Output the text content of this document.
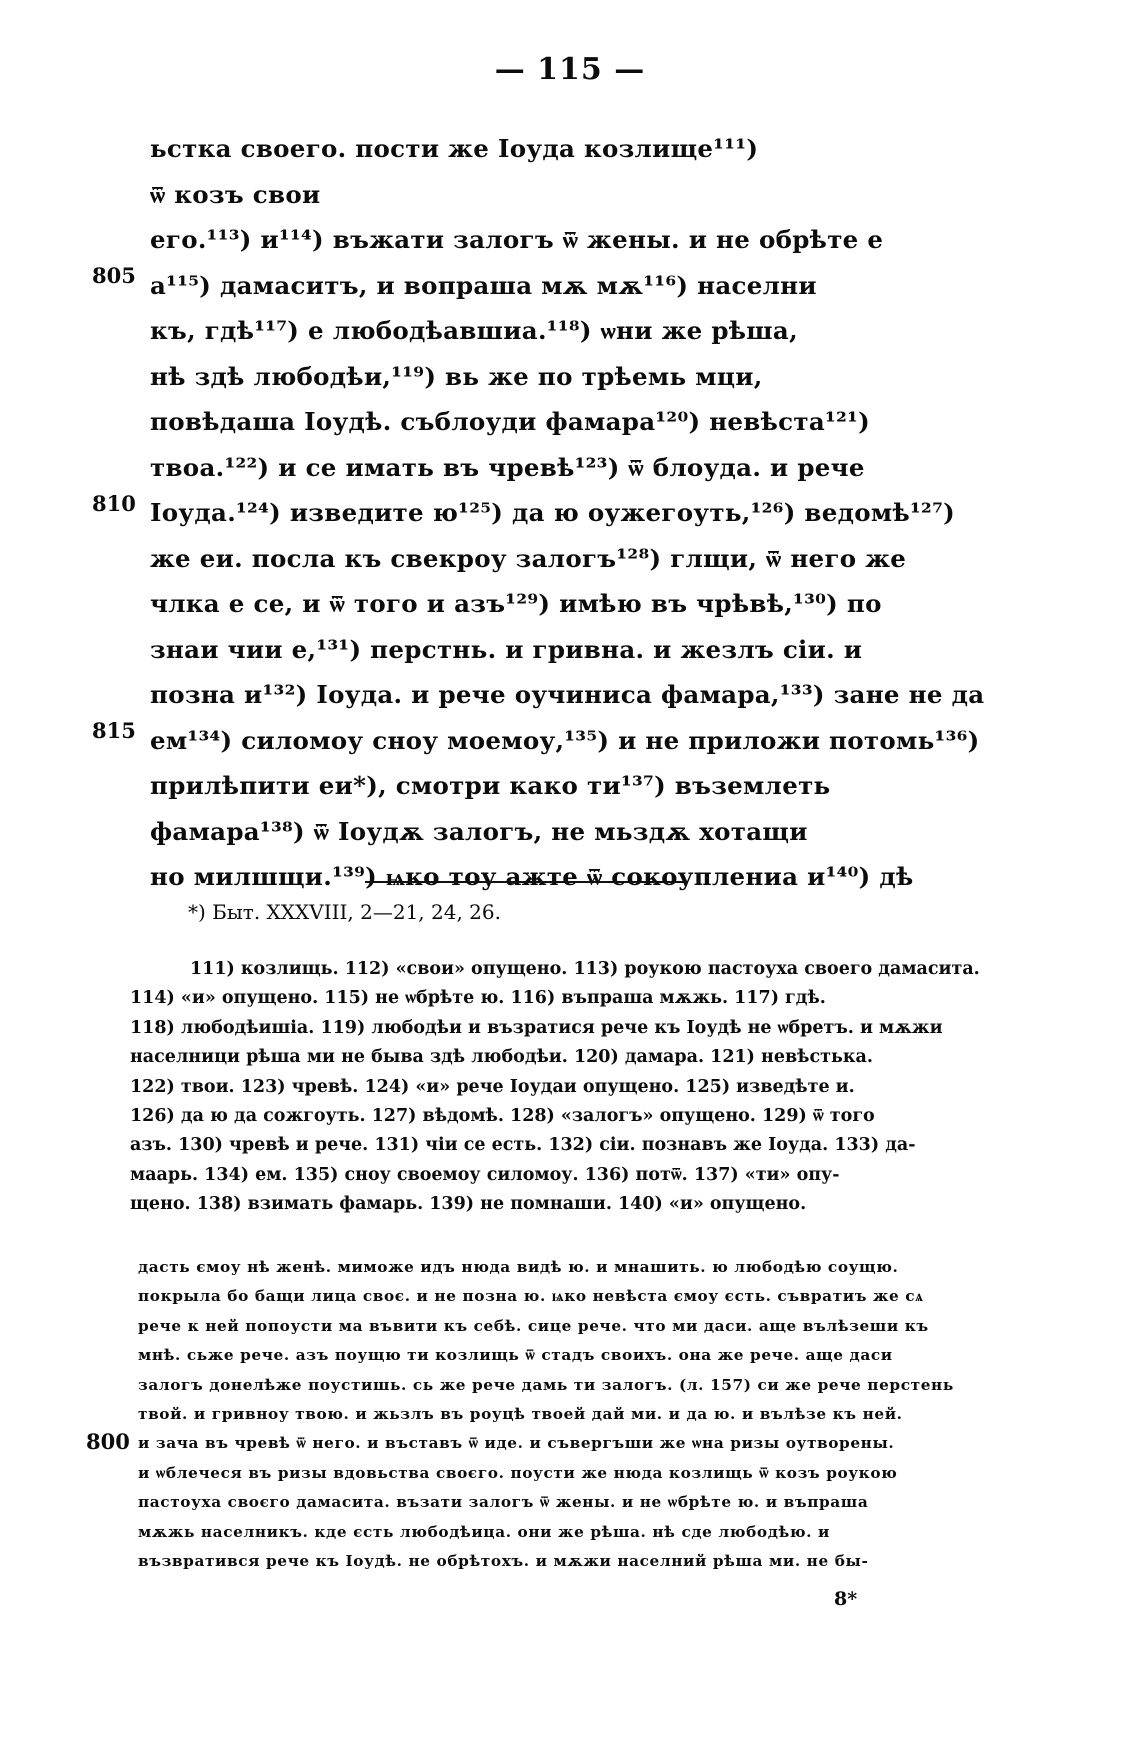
— 115 —
ьстка своего. пости же Іоуда козлище¹¹¹)
ѿ козъ свои
его.¹¹³) и¹¹⁴) въжати залогъ ѿ жены. и не обрѣте е
а¹¹⁵) дамаситъ, и вопраша мѫ мѫ¹¹⁶) населни
къ, гдѣ¹¹⁷) е любодѣавшиа.¹¹⁸) ѡни же рѣша,
нѣ здѣ любодѣи,¹¹⁹) вь же по трѣемь мци,
повѣдаша Іоудѣ. съблоуди фамара¹²⁰) невѣста¹²¹)
твоа.¹²²) и се имать въ чревѣ¹²³) ѿ блоуда. и рече
Іоуда.¹²⁴) изведите ю¹²⁵) да ю оужегоуть,¹²⁶) ведомѣ¹²⁷)
же еи. посла къ свекроу залогъ¹²⁸) глщи, ѿ него же
члка е се, и ѿ того и азъ¹²⁹) имѣю въ чрѣвѣ,¹³⁰) по
знаи чии е,¹³¹) перстнь. и гривна. и жезлъ сіи. и
позна и¹³²) Іоуда. и рече оучиниса фамара,¹³³) зане не да
ем¹³⁴) силомоу сноу моемоу,¹³⁵) и не приложи потомь¹³⁶)
прилѣпити еи*), смотри како ти¹³⁷) въземлеть
фамара¹³⁸) ѿ Іоудѫ залогъ, не мьздѫ хотащи
но милшщи.¹³⁹) ѩко тоу ажте ѿ сокоуплениа и¹⁴⁰) дѣ
805
810
815
*) Быт. XXXVIII, 2—21, 24, 26.
111) козлищь. 112) «свои» опущено. 113) роукою пастоуха своего дамасита.
114) «и» опущено. 115) не ѡбрѣте ю. 116) въпраша мѫжь. 117) гдѣ.
118) любодѣишіа. 119) любодѣи и възратися рече къ Іоудѣ не ѡбретъ. и мѫжи
населници рѣша ми не быва здѣ любодѣи. 120) дамара. 121) невѣстька.
122) твои. 123) чревѣ. 124) «и» рече Іоудаи опущено. 125) изведѣте и.
126) да ю да сожгоуть. 127) вѣдомѣ. 128) «залогъ» опущено. 129) ѿ того
азъ. 130) чревѣ и рече. 131) чіи се есть. 132) сіи. познавъ же Іоуда. 133) да-
маарь. 134) ем. 135) сноу своемоу силомоу. 136) потѿ. 137) «ти» опу-
щено. 138) взимать фамарь. 139) не помнаши. 140) «и» опущено.
дасть ємоу нѣ женѣ. миможе идъ нюда видѣ ю. и мнашить. ю любодѣю соущю.
покрыла бо бащи лица своє. и не позна ю. ѩко невѣста ємоу єсть. съвратиъ же сѧ
рече к ней попоусти ма въвити къ себѣ. сице рече. что ми даси. аще вълѣзеши къ
мнѣ. сьже рече. азъ поущю ти козлищь ѿ стадъ своихъ. она же рече. аще даси
залогъ донелѣже поустишь. сь же рече дамь ти залогъ. (л. 157) си же рече перстень
твой. и гривноу твою. и жьзлъ въ роуцѣ твоей дай ми. и да ю. и вълѣзе къ ней.
и зача въ чревѣ ѿ него. и въставъ ѿ иде. и съвергъши же ѡна ризы оутворены.
и ѡблечеся въ ризы вдовьства своєго. поусти же нюда козлищь ѿ козъ роукою
пастоуха своєго дамасита. възати залогъ ѿ жены. и не ѡбрѣте ю. и въпраша
мѫжь населникъ. кде єсть любодѣица. они же рѣша. нѣ сде любодѣю. и
възвратився рече къ Іоудѣ. не обрѣтохъ. и мѫжи населний рѣша ми. не бы-
800
8*
